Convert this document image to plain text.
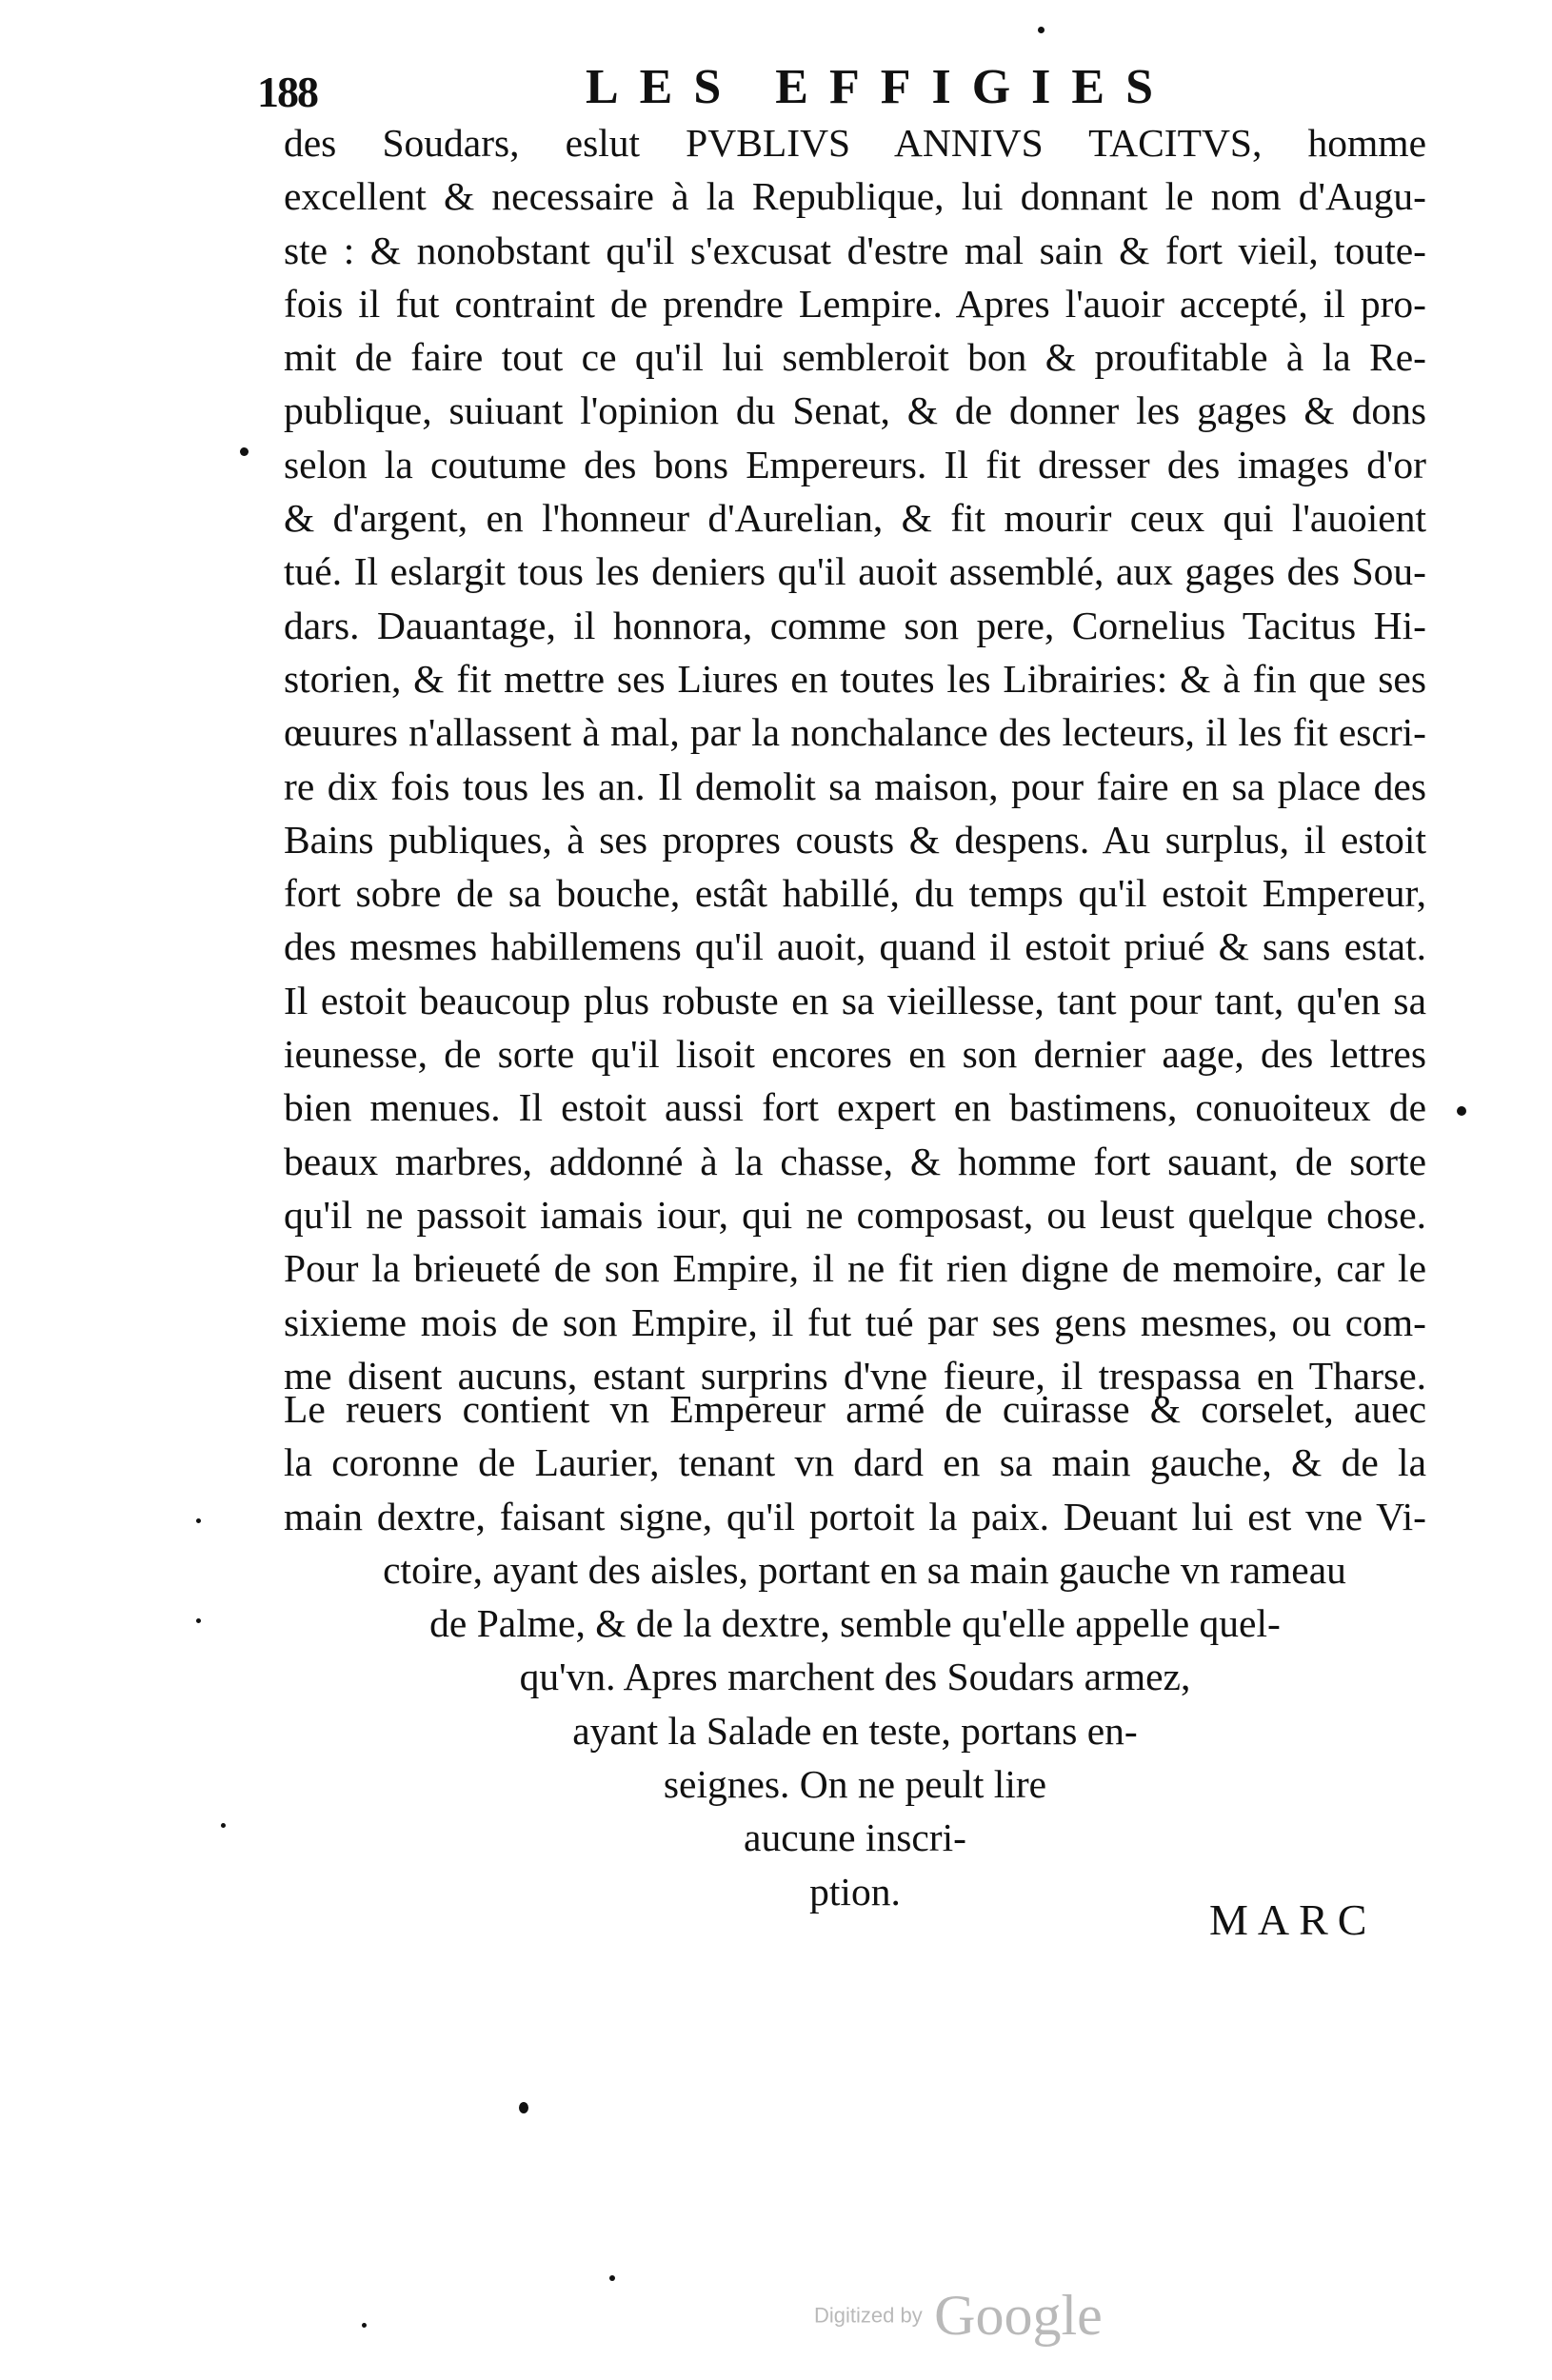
188	LES EFFIGIES
des Soudars, eslut PVBLIVS ANNIVS TACITVS, homme
excellent & necessaire à la Republique, lui donnant le nom d'Augu-
ste : & nonobstant qu'il s'excusat d'estre mal sain & fort vieil, toute-
fois il fut contraint de prendre Lempire. Apres l'auoir accepté, il pro-
mit de faire tout ce qu'il lui sembleroit bon & proufitable à la Re-
publique, suiuant l'opinion du Senat, & de donner les gages & dons
selon la coutume des bons Empereurs. Il fit dresser des images d'or
& d'argent, en l'honneur d'Aurelian, & fit mourir ceux qui l'auoient
tué. Il eslargit tous les deniers qu'il auoit assemblé, aux gages des Sou-
dars. Dauantage, il honnora, comme son pere, Cornelius Tacitus Hi-
storien, & fit mettre ses Liures en toutes les Librairies: & à fin que ses
œuures n'allassent à mal, par la nonchalance des lecteurs, il les fit escri-
re dix fois tous les an. Il demolit sa maison, pour faire en sa place des
Bains publiques, à ses propres cousts & despens. Au surplus, il estoit
fort sobre de sa bouche, estât habillé, du temps qu'il estoit Empereur,
des mesmes habillemens qu'il auoit, quand il estoit priué & sans estat.
Il estoit beaucoup plus robuste en sa vieillesse, tant pour tant, qu'en sa
ieunesse, de sorte qu'il lisoit encores en son dernier aage, des lettres
bien menues. Il estoit aussi fort expert en bastimens, conuoiteux de
beaux marbres, addonné à la chasse, & homme fort sauant, de sorte
qu'il ne passoit iamais iour, qui ne composast, ou leust quelque chose.
Pour la brieueté de son Empire, il ne fit rien digne de memoire, car le
sixieme mois de son Empire, il fut tué par ses gens mesmes, ou com-
me disent aucuns, estant surprins d'vne fieure, il trespassa en Tharse.
Le reuers contient vn Empereur armé de cuirasse & corselet, auec
la coronne de Laurier, tenant vn dard en sa main gauche, & de la
main dextre, faisant signe, qu'il portoit la paix. Deuant lui est vne Vi-
ctoire, ayant des aisles, portant en sa main gauche vn rameau
de Palme, & de la dextre, semble qu'elle appelle quel-
qu'vn. Apres marchent des Soudars armez,
ayant la Salade en teste, portans en-
seignes. On ne peult lire
aucune inscri-
ption.
MARC
Digitized by Google
